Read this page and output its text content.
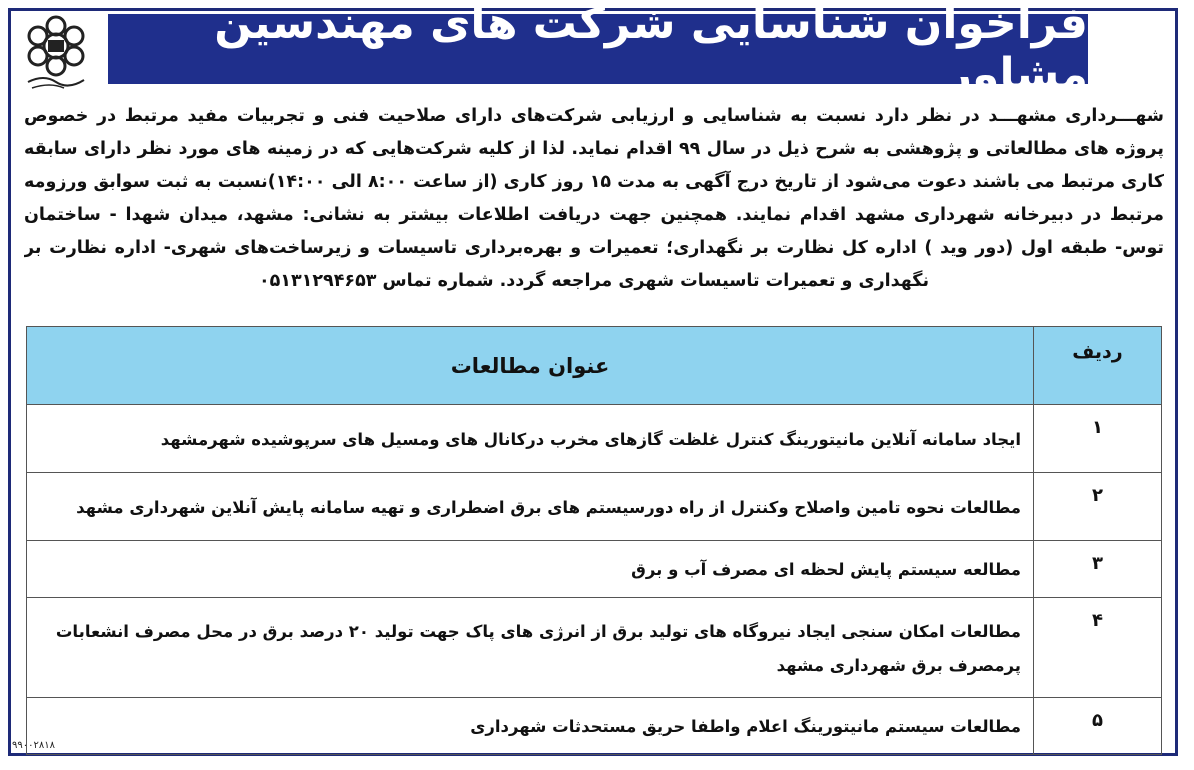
فراخوان شناسایی شرکت های مهندسین مشاور
شهـــرداری مشهـــد در نظر دارد نسبت به شناسایی و ارزیابی شرکت‌های دارای صلاحیت فنی و تجربیات مفید مرتبط در خصوص
پروژه های مطالعاتی و پژوهشی به شرح ذیل در سال ۹۹ اقدام نماید. لذا از کلیه شرکت‌هایی که در زمینه های مورد نظر دارای سابقه
کاری مرتبط می باشند دعوت می‌شود از تاریخ درج آگهی به مدت ۱۵ روز کاری (از ساعت ۸:۰۰ الی ۱۴:۰۰)نسبت به ثبت سوابق ورزومه
مرتبط در دبیرخانه شهرداری مشهد اقدام نمایند. همچنین جهت دریافت اطلاعات بیشتر به نشانی: مشهد، میدان شهدا - ساختمان
توس- طبقه اول (دور وید ) اداره کل نظارت بر نگهداری؛ تعمیرات و بهره‌برداری تاسیسات و زیرساخت‌های شهری- اداره نظارت بر
نگهداری و تعمیرات تاسیسات شهری مراجعه گردد. شماره تماس ۰۵۱۳۱۲۹۴۶۵۳
ردیف	عنوان مطالعات
۱	ایجاد سامانه آنلاین مانیتورینگ کنترل غلظت گازهای مخرب درکانال های ومسیل های سرپوشیده شهرمشهد
۲	مطالعات نحوه تامین واصلاح وکنترل از راه دورسیستم های برق اضطراری و تهیه سامانه پایش آنلاین شهرداری مشهد
۳	مطالعه سیستم پایش لحظه ای مصرف آب و برق
۴	مطالعات امکان سنجی ایجاد نیروگاه های تولید برق از انرژی های پاک جهت تولید ۲۰ درصد برق در محل مصرف انشعابات پرمصرف برق شهرداری مشهد
۵	مطالعات سیستم مانیتورینگ اعلام واطفا حریق مستحدثات شهرداری
۹۹۰۰۲۸۱۸
